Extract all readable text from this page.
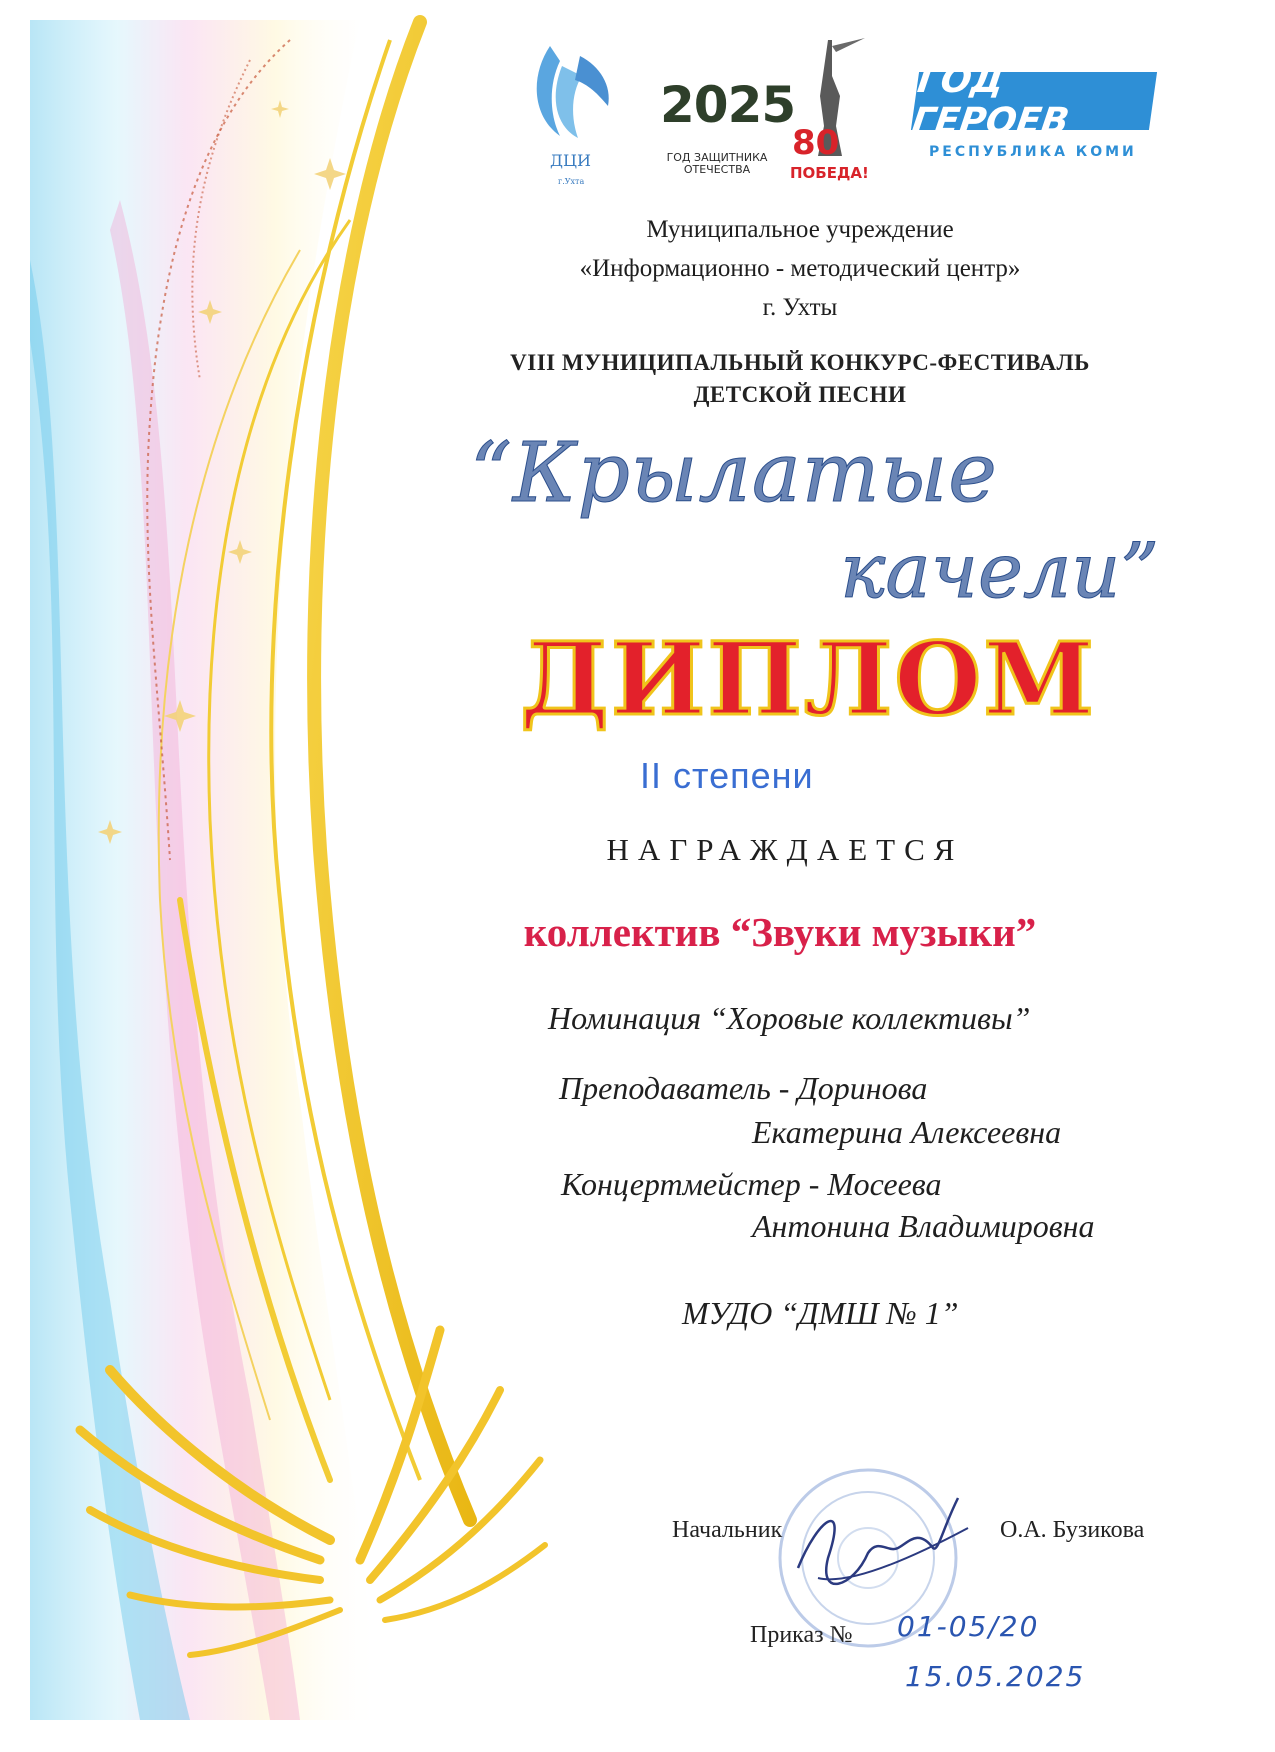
ДЦИ
г.Ухта
2025
ГОД ЗАЩИТНИКА
ОТЕЧЕСТВА
80
ПОБЕДА!
ГОД ГЕРОЕВ
РЕСПУБЛИКА КОМИ
Муниципальное учреждение
«Информационно - методический центр»
г. Ухты
VIII МУНИЦИПАЛЬНЫЙ КОНКУРС-ФЕСТИВАЛЬ
ДЕТСКОЙ ПЕСНИ
“Крылатые
качели”
ДИПЛОМ
II степени
НАГРАЖДАЕТСЯ
коллектив “Звуки музыки”
Номинация “Хоровые коллективы”
Преподаватель - Доринова
Екатерина Алексеевна
Концертмейстер - Мосеева
Антонина Владимировна
МУДО “ДМШ № 1”
Начальник	О.А. Бузикова
Приказ № 01-05/20
15.05.2025
